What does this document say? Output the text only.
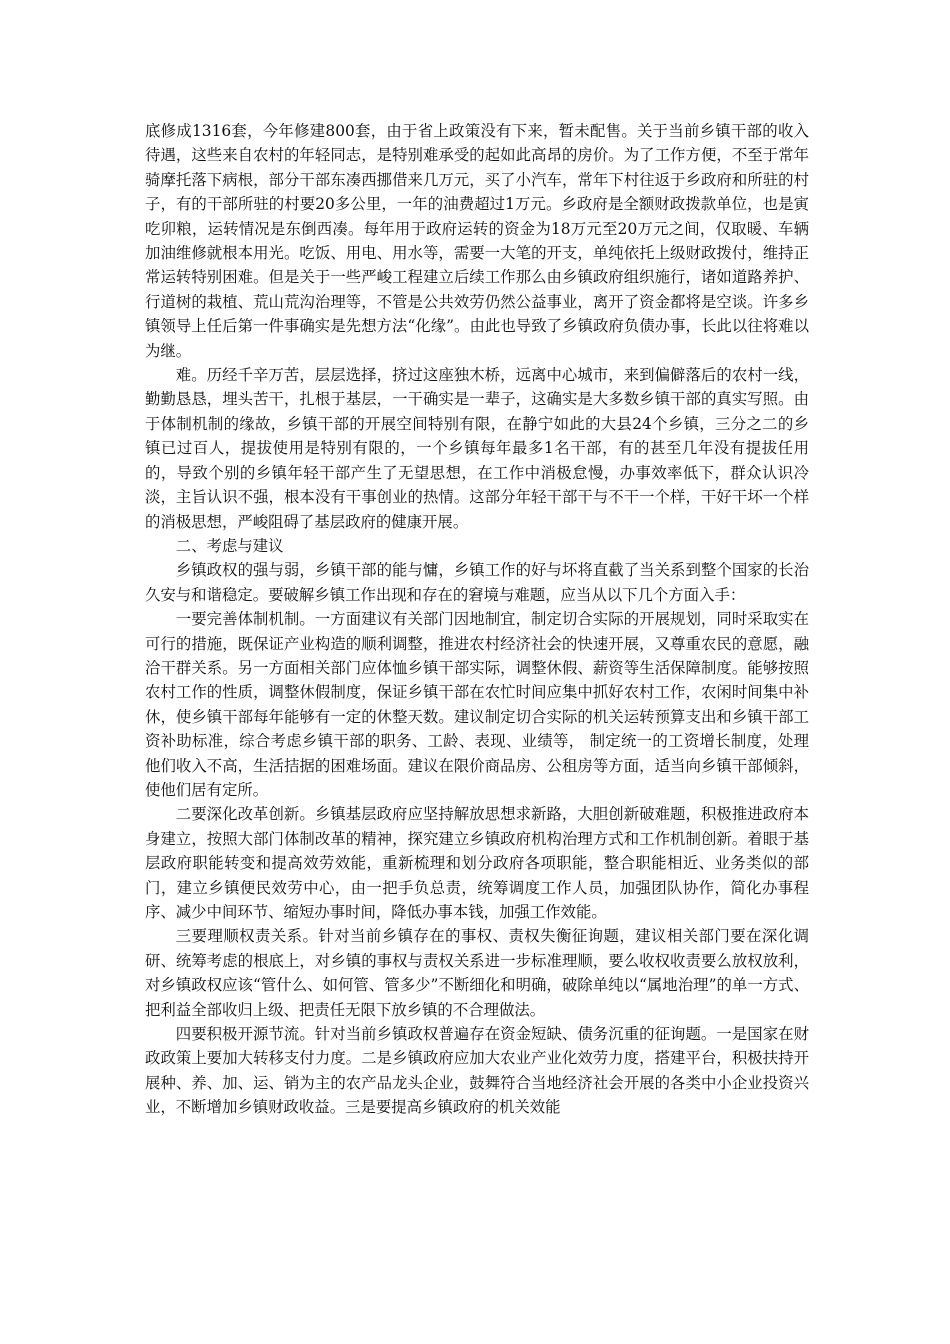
底修成1316套，今年修建800套，由于省上政策没有下来，暂未配售。关于当前乡镇干部的收入待遇，这些来自农村的年轻同志，是特别难承受的起如此高昂的房价。为了工作方便，不至于常年骑摩托落下病根，部分干部东凑西挪借来几万元，买了小汽车，常年下村往返于乡政府和所驻的村子，有的干部所驻的村要20多公里，一年的油费超过1万元。乡政府是全额财政拨款单位，也是寅吃卯粮，运转情况是东倒西凑。每年用于政府运转的资金为18万元至20万元之间，仅取暖、车辆加油维修就根本用光。吃饭、用电、用水等，需要一大笔的开支，单纯依托上级财政拨付，维持正常运转特别困难。但是关于一些严峻工程建立后续工作那么由乡镇政府组织施行，诸如道路养护、行道树的栽植、荒山荒沟治理等，不管是公共效劳仍然公益事业，离开了资金都将是空谈。许多乡镇领导上任后第一件事确实是先想方法“化缘”。由此也导致了乡镇政府负债办事，长此以往将难以为继。

难。历经千辛万苦，层层选择，挤过这座独木桥，远离中心城市，来到偏僻落后的农村一线，勤勤恳恳，埋头苦干，扎根于基层，一干确实是一辈子，这确实是大多数乡镇干部的真实写照。由于体制机制的缘故，乡镇干部的开展空间特别有限，在静宁如此的大县24个乡镇，三分之二的乡镇已过百人，提拔使用是特别有限的，一个乡镇每年最多1名干部，有的甚至几年没有提拔任用的，导致个别的乡镇年轻干部产生了无望思想，在工作中消极怠慢，办事效率低下，群众认识冷淡，主旨认识不强，根本没有干事创业的热情。这部分年轻干部干与不干一个样，干好干坏一个样的消极思想，严峻阻碍了基层政府的健康开展。

二、考虑与建议

乡镇政权的强与弱，乡镇干部的能与慵，乡镇工作的好与坏将直截了当关系到整个国家的长治久安与和谐稳定。要破解乡镇工作出现和存在的窘境与难题，应当从以下几个方面入手：

一要完善体制机制。一方面建议有关部门因地制宜，制定切合实际的开展规划，同时采取实在可行的措施，既保证产业构造的顺利调整，推进农村经济社会的快速开展，又尊重农民的意愿，融洽干群关系。另一方面相关部门应体恤乡镇干部实际，调整休假、薪资等生活保障制度。能够按照农村工作的性质，调整休假制度，保证乡镇干部在农忙时间应集中抓好农村工作，农闲时间集中补休，使乡镇干部每年能够有一定的休整天数。建议制定切合实际的机关运转预算支出和乡镇干部工资补助标准，综合考虑乡镇干部的职务、工龄、表现、业绩等， 制定统一的工资增长制度，处理他们收入不高，生活拮据的困难场面。建议在限价商品房、公租房等方面，适当向乡镇干部倾斜，使他们居有定所。

二要深化改革创新。乡镇基层政府应坚持解放思想求新路，大胆创新破难题，积极推进政府本身建立，按照大部门体制改革的精神，探究建立乡镇政府机构治理方式和工作机制创新。着眼于基层政府职能转变和提高效劳效能，重新梳理和划分政府各项职能，整合职能相近、业务类似的部门，建立乡镇便民效劳中心，由一把手负总责，统筹调度工作人员，加强团队协作，简化办事程序、减少中间环节、缩短办事时间，降低办事本钱，加强工作效能。

三要理顺权责关系。针对当前乡镇存在的事权、责权失衡征询题，建议相关部门要在深化调研、统筹考虑的根底上，对乡镇的事权与责权关系进一步标准理顺，要么收权收责要么放权放利，对乡镇政权应该“管什么、如何管、管多少”不断细化和明确，破除单纯以“属地治理”的单一方式、把利益全部收归上级、把责任无限下放乡镇的不合理做法。

四要积极开源节流。针对当前乡镇政权普遍存在资金短缺、债务沉重的征询题。一是国家在财政政策上要加大转移支付力度。二是乡镇政府应加大农业产业化效劳力度，搭建平台，积极扶持开展种、养、加、运、销为主的农产品龙头企业，鼓舞符合当地经济社会开展的各类中小企业投资兴业，不断增加乡镇财政收益。三是要提高乡镇政府的机关效能
